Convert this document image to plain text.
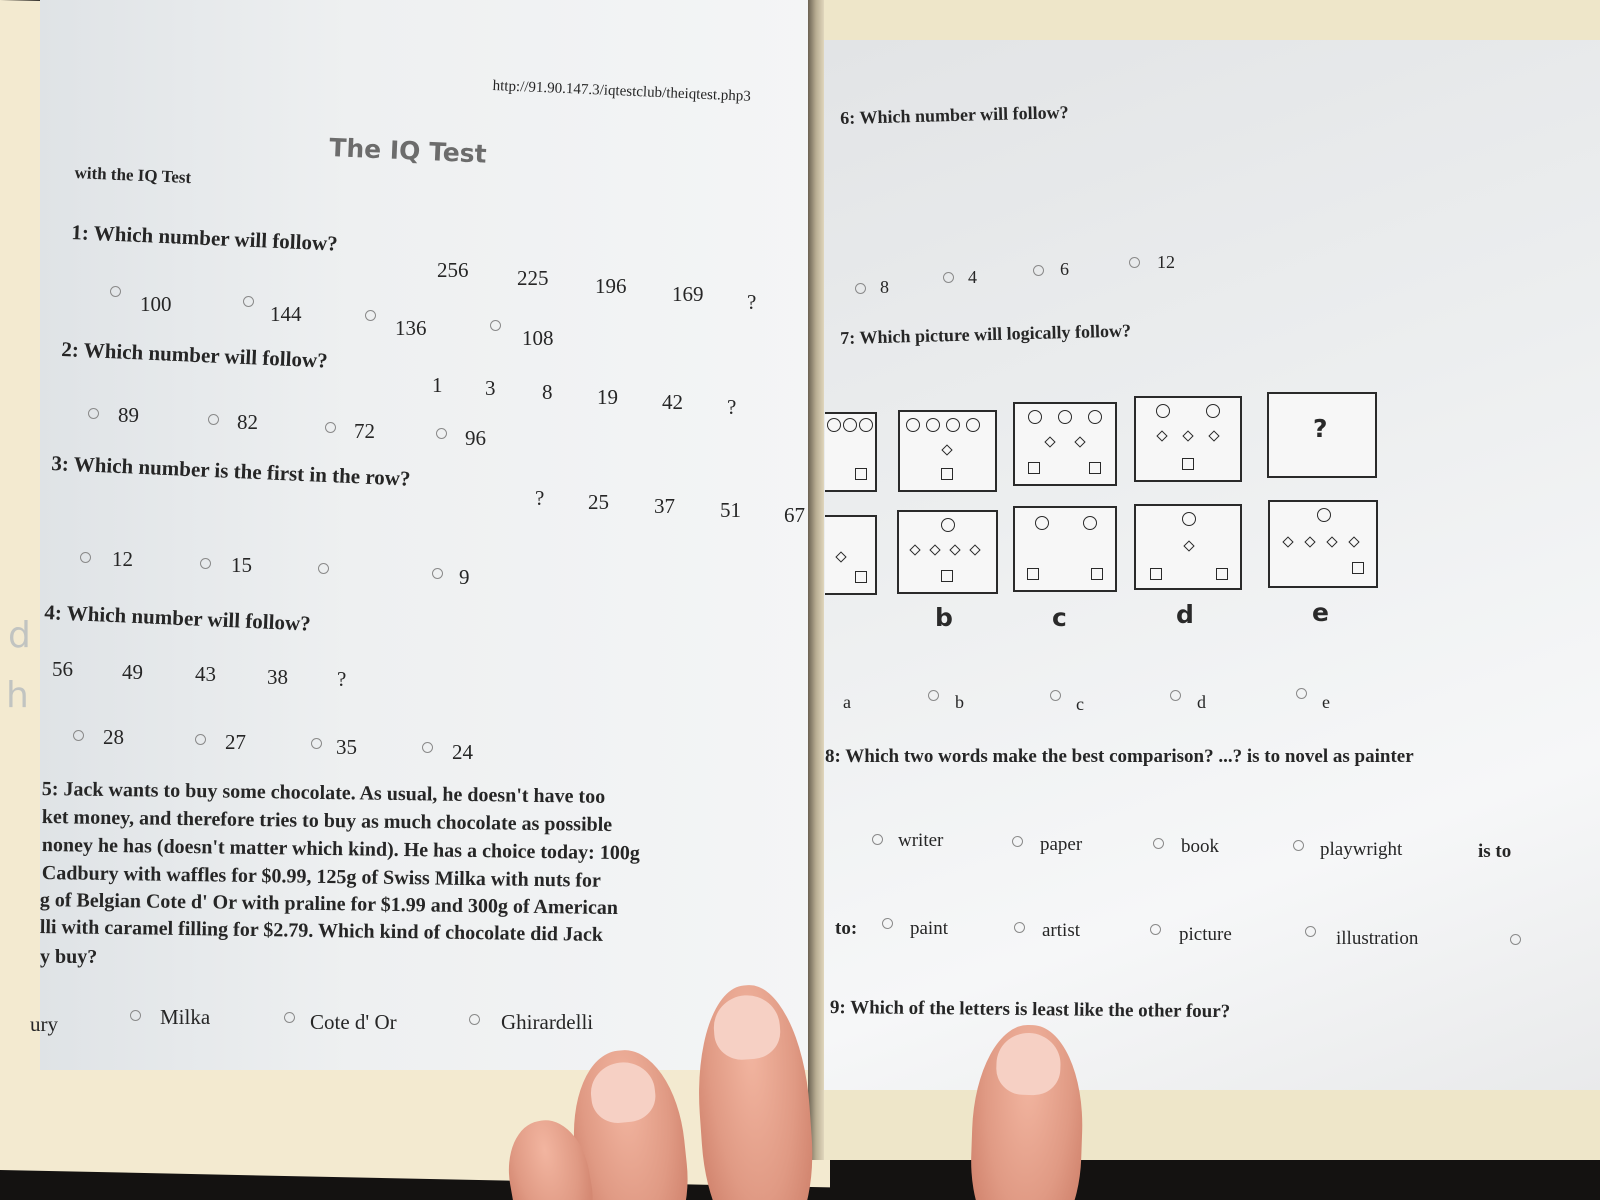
d
h
http://91.90.147.3/iqtestclub/theiqtest.php3
The IQ Test
with the IQ Test
1: Which number will follow?
256 225 196 169 ?
100	144
136	108
2: Which number will follow?
1 3 8 19 42 ?
89	82	72	96
3: Which number is the first in the row?
? 25 37 51 67
12	15	9
4: Which number will follow?
56 49 43 38 ?
28	27	35	24
5: Jack wants to buy some chocolate. As usual, he doesn't have too
ket money, and therefore tries to buy as much chocolate as possible
noney he has (doesn't matter which kind). He has a choice today: 100g
Cadbury with waffles for $0.99, 125g of Swiss Milka with nuts for
g of Belgian Cote d' Or with praline for $1.99 and 300g of American
lli with caramel filling for $2.79. Which kind of chocolate did Jack
y buy?
ury	Milka	Cote d' Or	Ghirardelli
6: Which number will follow?
8	4	6	12
7: Which picture will logically follow?
?
b	c	d	e
a	b	c	d	e
8: Which two words make the best comparison? ...? is to novel as painter
writer	paper	book	playwright	is to
to:	paint	artist	picture	illustration
9: Which of the letters is least like the other four?
